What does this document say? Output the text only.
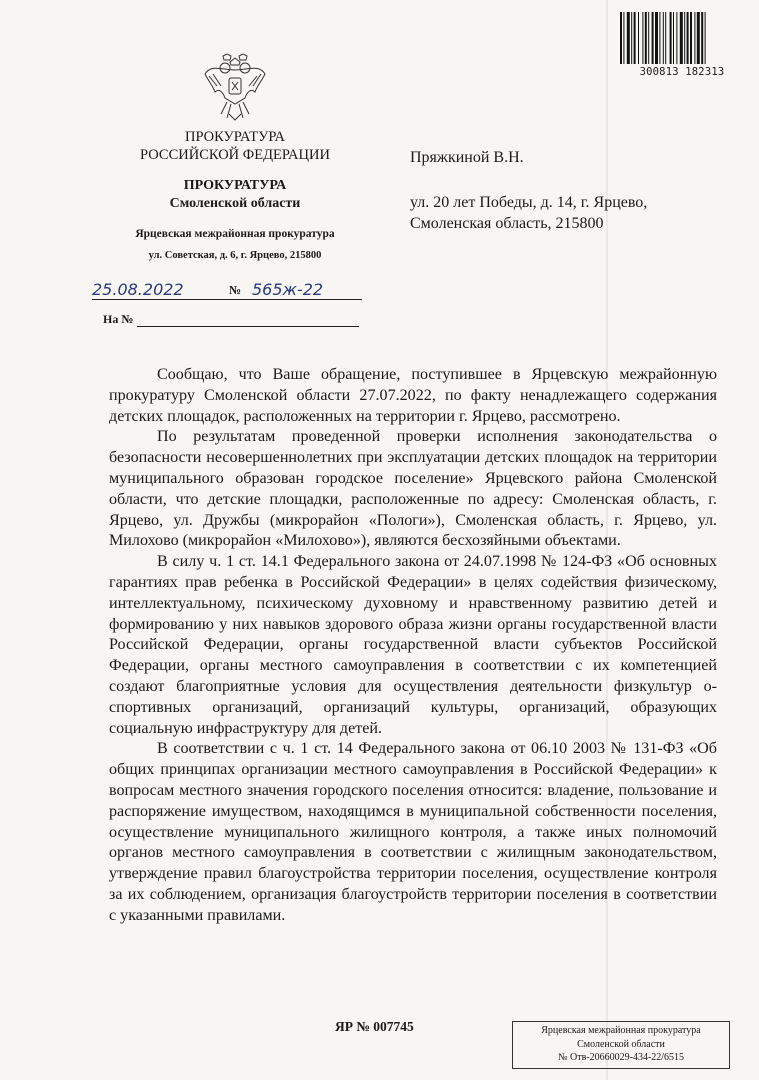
300813 182313
ПРОКУРАТУРА
РОССИЙСКОЙ ФЕДЕРАЦИИ
ПРОКУРАТУРА
Смоленской области
Ярцевская межрайонная прокуратура
ул. Советская, д. 6, г. Ярцево, 215800
25.08.2022	№ 565ж-22
На №
Пряжкиной В.Н.
ул. 20 лет Победы, д. 14, г. Ярцево,
Смоленская область, 215800

Сообщаю, что Ваше обращение, поступившее в Ярцевскую межрайонную прокуратуру Смоленской области 27.07.2022, по факту ненадлежащего содержания детских площадок, расположенных на территории г. Ярцево, рассмотрено.

По результатам проведенной проверки исполнения законодательства о безопасности несовершеннолетних при эксплуатации детских площадок на территории муниципального образован городское поселение» Ярцевского района Смоленской области, что детские площадки, расположенные по адресу: Смоленская область, г. Ярцево, ул. Дружбы (микрорайон «Пологи»), Смоленская область, г. Ярцево, ул. Милохово (микрорайон «Милохово»), являются бесхозяйными объектами.

В силу ч. 1 ст. 14.1 Федерального закона от 24.07.1998 № 124-ФЗ «Об основных гарантиях прав ребенка в Российской Федерации» в целях содействия физическому, интеллектуальному, психическому духовному и нравственному развитию детей и формированию у них навыков здорового образа жизни органы государственной власти Российской Федерации, органы государственной власти субъектов Российской Федерации, органы местного самоуправления в соответствии с их компетенцией создают благоприятные условия для осуществления деятельности физкультур о-спортивных организаций, организаций культуры, организаций, образующих социальную инфраструктуру для детей.

В соответствии с ч. 1 ст. 14 Федерального закона от 06.10 2003 № 131-ФЗ «Об общих принципах организации местного самоуправления в Российской Федерации» к вопросам местного значения городского поселения относится: владение, пользование и распоряжение имуществом, находящимся в муниципальной собственности поселения, осуществление муниципального жилищного контроля, а также иных полномочий органов местного самоуправления в соответствии с жилищным законодательством, утверждение правил благоустройства территории поселения, осуществление контроля за их соблюдением, организация благоустройств территории поселения в соответствии с указанными правилами.

ЯР № 007745	Ярцевская межрайонная прокуратура
Смоленской области
№ Отв-20660029-434-22/6515
